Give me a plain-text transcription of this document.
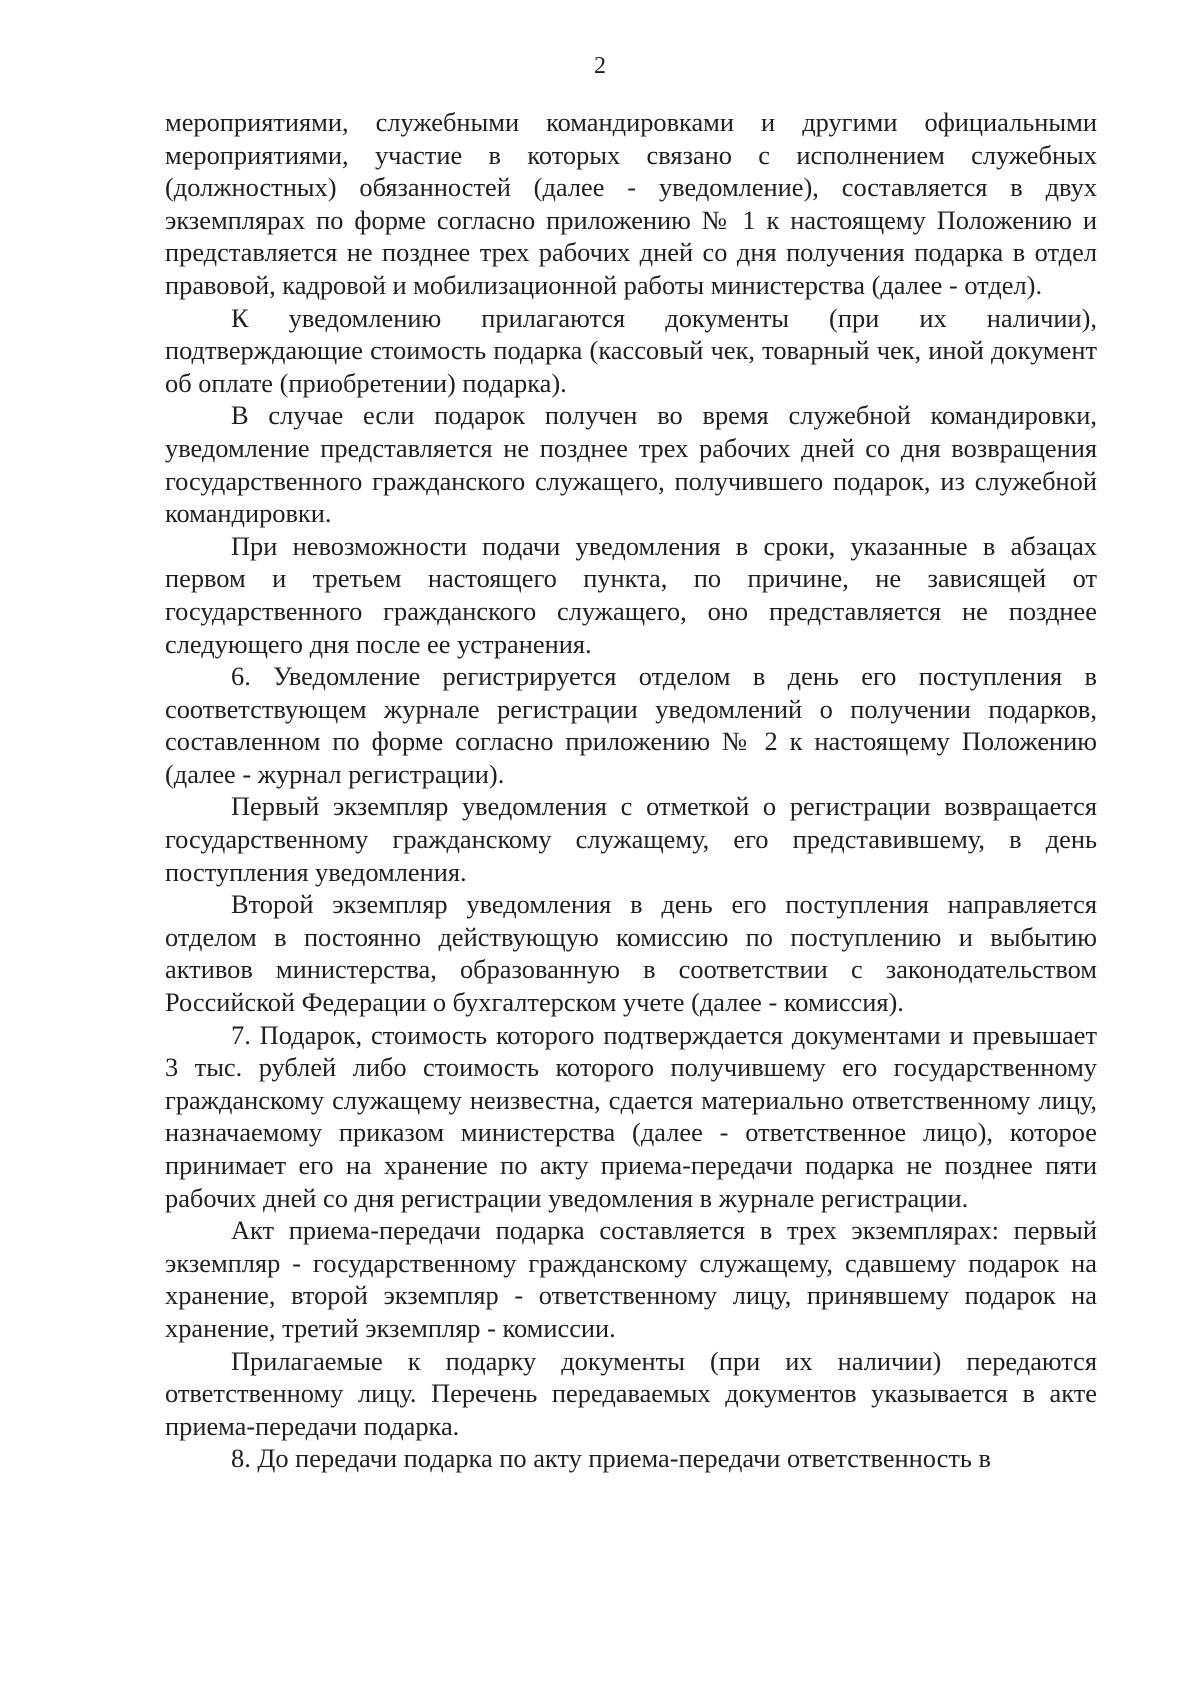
2

мероприятиями, служебными командировками и другими официальными мероприятиями, участие в которых связано с исполнением служебных (должностных) обязанностей (далее - уведомление), составляется в двух экземплярах по форме согласно приложению № 1 к настоящему Положению и представляется не позднее трех рабочих дней со дня получения подарка в отдел правовой, кадровой и мобилизационной работы министерства (далее - отдел).

К уведомлению прилагаются документы (при их наличии), подтверждающие стоимость подарка (кассовый чек, товарный чек, иной документ об оплате (приобретении) подарка).

В случае если подарок получен во время служебной командировки, уведомление представляется не позднее трех рабочих дней со дня возвращения государственного гражданского служащего, получившего подарок, из служебной командировки.

При невозможности подачи уведомления в сроки, указанные в абзацах первом и третьем настоящего пункта, по причине, не зависящей от государственного гражданского служащего, оно представляется не позднее следующего дня после ее устранения.

6. Уведомление регистрируется отделом в день его поступления в соответствующем журнале регистрации уведомлений о получении подарков, составленном по форме согласно приложению № 2 к настоящему Положению (далее - журнал регистрации).

Первый экземпляр уведомления с отметкой о регистрации возвращается государственному гражданскому служащему, его представившему, в день поступления уведомления.

Второй экземпляр уведомления в день его поступления направляется отделом в постоянно действующую комиссию по поступлению и выбытию активов министерства, образованную в соответствии с законодательством Российской Федерации о бухгалтерском учете (далее - комиссия).

7. Подарок, стоимость которого подтверждается документами и превышает 3 тыс. рублей либо стоимость которого получившему его государственному гражданскому служащему неизвестна, сдается материально ответственному лицу, назначаемому приказом министерства (далее - ответственное лицо), которое принимает его на хранение по акту приема-передачи подарка не позднее пяти рабочих дней со дня регистрации уведомления в журнале регистрации.

Акт приема-передачи подарка составляется в трех экземплярах: первый экземпляр - государственному гражданскому служащему, сдавшему подарок на хранение, второй экземпляр - ответственному лицу, принявшему подарок на хранение, третий экземпляр - комиссии.

Прилагаемые к подарку документы (при их наличии) передаются ответственному лицу. Перечень передаваемых документов указывается в акте приема-передачи подарка.

8. До передачи подарка по акту приема-передачи ответственность в
